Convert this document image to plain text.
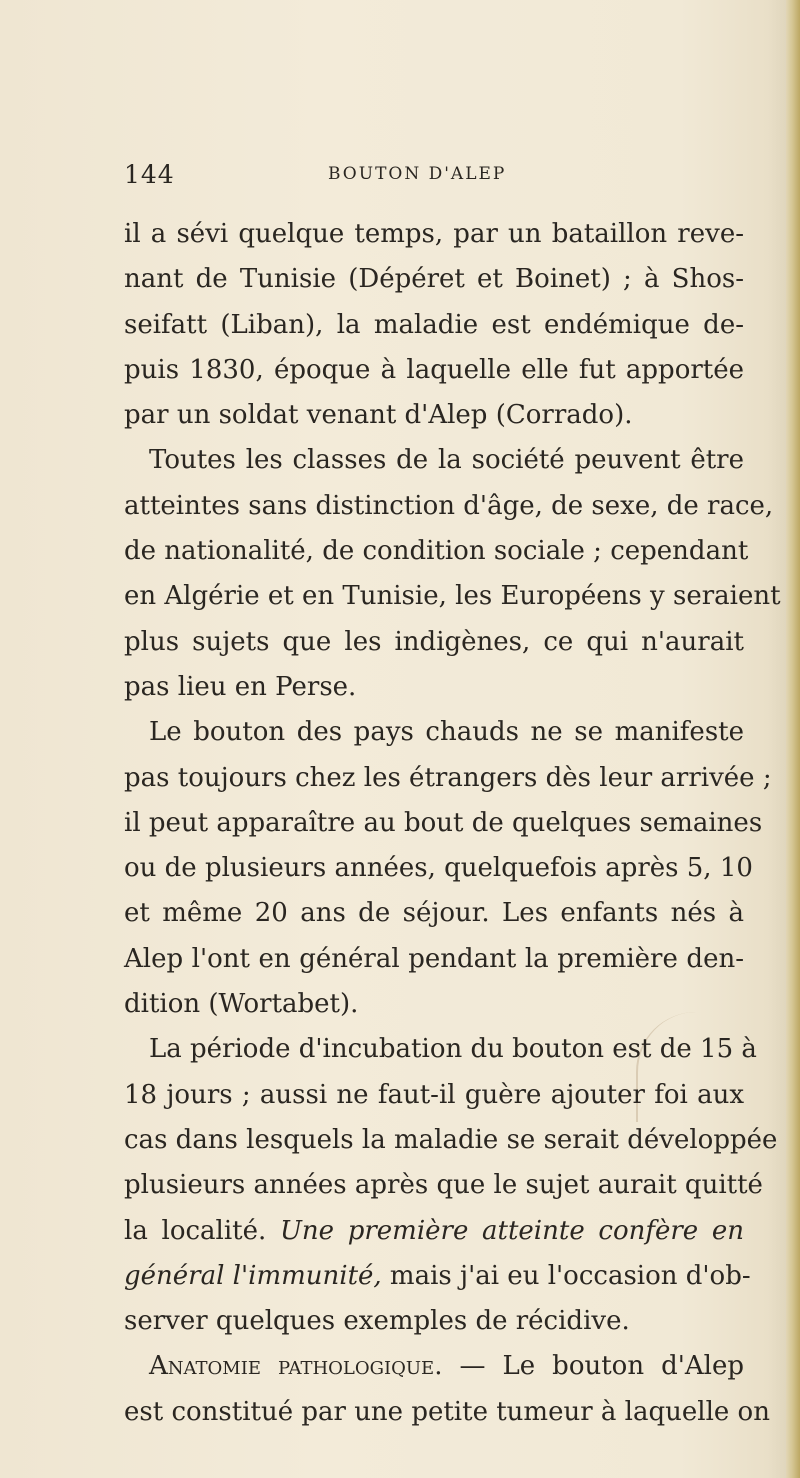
144	BOUTON D'ALEP
il a sévi quelque temps, par un bataillon reve-
nant de Tunisie (Dépéret et Boinet) ; à Shos-
seifatt (Liban), la maladie est endémique de-
puis 1830, époque à laquelle elle fut apportée
par un soldat venant d'Alep (Corrado).
Toutes les classes de la société peuvent être
atteintes sans distinction d'âge, de sexe, de race,
de nationalité, de condition sociale ; cependant
en Algérie et en Tunisie, les Européens y seraient
plus sujets que les indigènes, ce qui n'aurait
pas lieu en Perse.
Le bouton des pays chauds ne se manifeste
pas toujours chez les étrangers dès leur arrivée ;
il peut apparaître au bout de quelques semaines
ou de plusieurs années, quelquefois après 5, 10
et même 20 ans de séjour. Les enfants nés à
Alep l'ont en général pendant la première den-
dition (Wortabet).
La période d'incubation du bouton est de 15 à
18 jours ; aussi ne faut-il guère ajouter foi aux
cas dans lesquels la maladie se serait développée
plusieurs années après que le sujet aurait quitté
la localité. Une première atteinte confère en
général l'immunité, mais j'ai eu l'occasion d'ob-
server quelques exemples de récidive.
Anatomie pathologique. — Le bouton d'Alep
est constitué par une petite tumeur à laquelle on
